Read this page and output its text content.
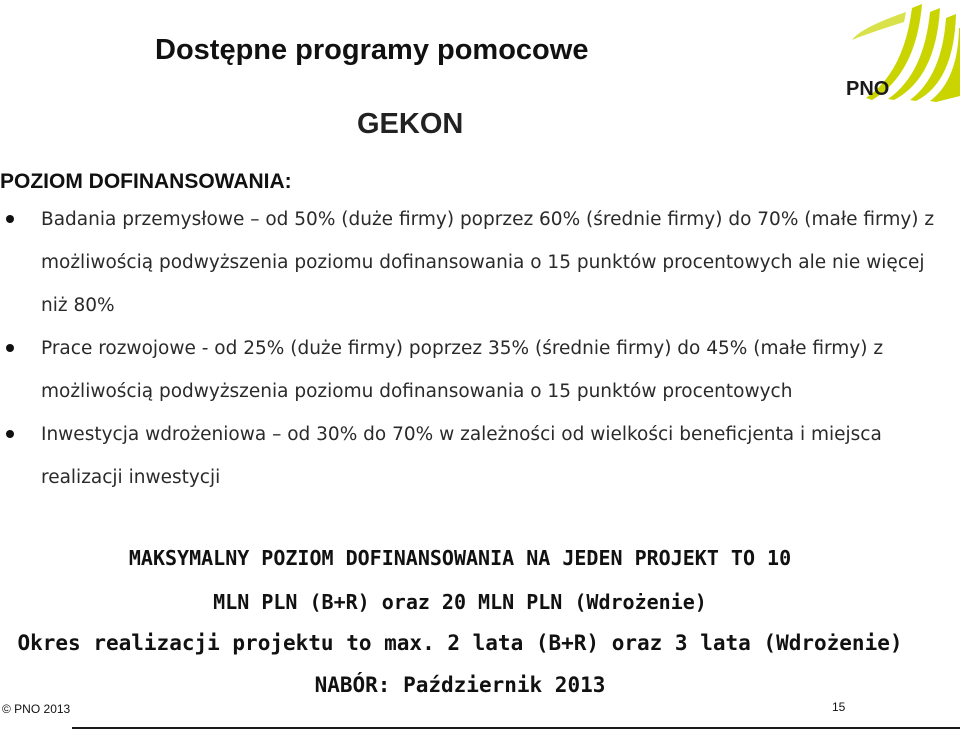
Dostępne programy pomocowe
PNO
GEKON
POZIOM DOFINANSOWANIA:
Badania przemysłowe – od 50% (duże firmy) poprzez 60% (średnie firmy) do 70% (małe firmy) z możliwością podwyższenia poziomu dofinansowania o 15 punktów procentowych ale nie więcej niż 80%
Prace rozwojowe - od 25% (duże firmy) poprzez 35% (średnie firmy) do 45% (małe firmy) z możliwością podwyższenia poziomu dofinansowania o 15 punktów procentowych
Inwestycja wdrożeniowa – od 30% do 70% w zależności od wielkości beneficjenta i miejsca realizacji inwestycji

MAKSYMALNY POZIOM DOFINANSOWANIA NA JEDEN PROJEKT TO 10

MLN PLN (B+R) oraz 20 MLN PLN (Wdrożenie)

Okres realizacji projektu to max. 2 lata (B+R) oraz 3 lata (Wdrożenie)

NABÓR: Październik 2013

© PNO 2013	15
